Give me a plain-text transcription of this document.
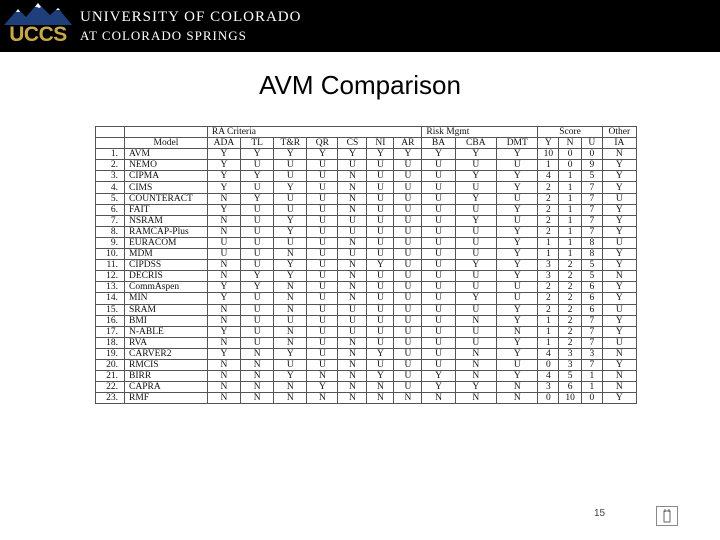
UCCS
UNIVERSITY OF COLORADO
AT COLORADO SPRINGS
AVM Comparison
		RA Criteria							Risk Mgmt			Score			Other
	Model	ADA	TL	T&R	QR	CS	NI	AR	BA	CBA	DMT	Y	N	U	IA
1.	AVM	Y	Y	Y	Y	Y	Y	Y	Y	Y	Y	10	0	0	N
2.	NEMO	Y	U	U	U	U	U	U	U	U	U	1	0	9	Y
3.	CIPMA	Y	Y	U	U	N	U	U	U	Y	Y	4	1	5	Y
4.	CIMS	Y	U	Y	U	N	U	U	U	U	Y	2	1	7	Y
5.	COUNTERACT	N	Y	U	U	N	U	U	U	Y	U	2	1	7	U
6.	FAIT	Y	U	U	U	N	U	U	U	U	Y	2	1	7	Y
7.	NSRAM	N	U	Y	U	U	U	U	U	Y	U	2	1	7	Y
8.	RAMCAP-Plus	N	U	Y	U	U	U	U	U	U	Y	2	1	7	Y
9.	EURACOM	U	U	U	U	N	U	U	U	U	Y	1	1	8	U
10.	MDM	U	U	N	U	U	U	U	U	U	Y	1	1	8	Y
11.	CIPDSS	N	U	Y	U	N	Y	U	U	Y	Y	3	2	5	Y
12.	DECRIS	N	Y	Y	U	N	U	U	U	U	Y	3	2	5	N
13.	CommAspen	Y	Y	N	U	N	U	U	U	U	U	2	2	6	Y
14.	MIN	Y	U	N	U	N	U	U	U	Y	U	2	2	6	Y
15.	SRAM	N	U	N	U	U	U	U	U	U	Y	2	2	6	U
16.	BMI	N	U	U	U	U	U	U	U	N	Y	1	2	7	Y
17.	N-ABLE	Y	U	N	U	U	U	U	U	U	N	1	2	7	Y
18.	RVA	N	U	N	U	N	U	U	U	U	Y	1	2	7	U
19.	CARVER2	Y	N	Y	U	N	Y	U	U	N	Y	4	3	3	N
20.	RMCIS	N	N	U	U	N	U	U	U	N	U	0	3	7	Y
21.	BIRR	N	N	Y	N	N	Y	U	Y	N	Y	4	5	1	N
22.	CAPRA	N	N	N	Y	N	N	U	Y	Y	N	3	6	1	N
23.	RMF	N	N	N	N	N	N	N	N	N	N	0	10	0	Y
15
